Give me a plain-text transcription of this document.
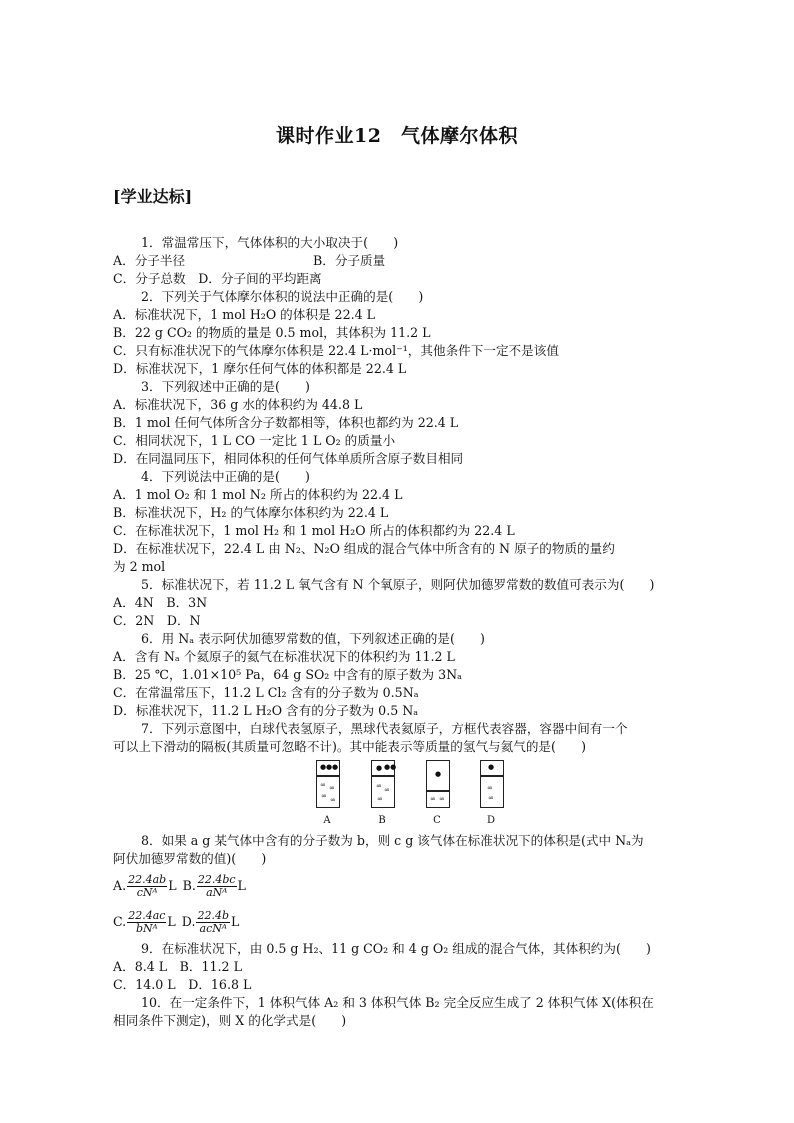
课时作业12　气体摩尔体积
[学业达标]
1．常温常压下，气体体积的大小取决于(　　)
A．分子半径	B．分子质量
C．分子总数　D．分子间的平均距离
2．下列关于气体摩尔体积的说法中正确的是(　　)
A．标准状况下，1 mol H₂O 的体积是 22.4 L
B．22 g CO₂ 的物质的量是 0.5 mol，其体积为 11.2 L
C．只有标准状况下的气体摩尔体积是 22.4 L·mol⁻¹，其他条件下一定不是该值
D．标准状况下，1 摩尔任何气体的体积都是 22.4 L
3．下列叙述中正确的是(　　)
A．标准状况下，36 g 水的体积约为 44.8 L
B．1 mol 任何气体所含分子数都相等，体积也都约为 22.4 L
C．相同状况下，1 L CO 一定比 1 L O₂ 的质量小
D．在同温同压下，相同体积的任何气体单质所含原子数目相同
4．下列说法中正确的是(　　)
A．1 mol O₂ 和 1 mol N₂ 所占的体积约为 22.4 L
B．标准状况下，H₂ 的气体摩尔体积约为 22.4 L
C．在标准状况下，1 mol H₂ 和 1 mol H₂O 所占的体积都约为 22.4 L
D．在标准状况下，22.4 L 由 N₂、N₂O 组成的混合气体中所含有的 N 原子的物质的量约
为 2 mol
5．标准状况下，若 11.2 L 氧气含有 N 个氧原子，则阿伏加德罗常数的数值可表示为(　　)
A．4N　B．3N
C．2N　D．N
6．用 Nₐ 表示阿伏加德罗常数的值，下列叙述正确的是(　　)
A．含有 Nₐ 个氦原子的氦气在标准状况下的体积约为 11.2 L
B．25 ℃，1.01×10⁵ Pa，64 g SO₂ 中含有的原子数为 3Nₐ
C．在常温常压下，11.2 L Cl₂ 含有的分子数为 0.5Nₐ
D．标准状况下，11.2 L H₂O 含有的分子数为 0.5 Nₐ
7．下列示意图中，白球代表氢原子，黑球代表氦原子，方框代表容器，容器中间有一个
可以上下滑动的隔板(其质量可忽略不计)。其中能表示等质量的氢气与氦气的是(　　)
● ● ●
∞ ∞
∞ ∞
A
● ●●
∞ ∞
∞
B
●
∞ ∞
C
●
∞
∞
D
8．如果 a g 某气体中含有的分子数为 b，则 c g 该气体在标准状况下的体积是(式中 Nₐ为
阿伏加德罗常数的值)(　　)
A. $\frac{22.4ab}{\text{cNᴬ}}$ L B. $\frac{22.4bc}{\text{aNᴬ}}$ L
C. $\frac{22.4ac}{\text{bNᴬ}}$ L D. $\frac{22.4b}{\text{acNᴬ}}$ L
9．在标准状况下，由 0.5 g H₂、11 g CO₂ 和 4 g O₂ 组成的混合气体，其体积约为(　　)
A．8.4 L　B．11.2 L
C．14.0 L　D．16.8 L
10．在一定条件下，1 体积气体 A₂ 和 3 体积气体 B₂ 完全反应生成了 2 体积气体 X(体积在
相同条件下测定)，则 X 的化学式是(　　)
